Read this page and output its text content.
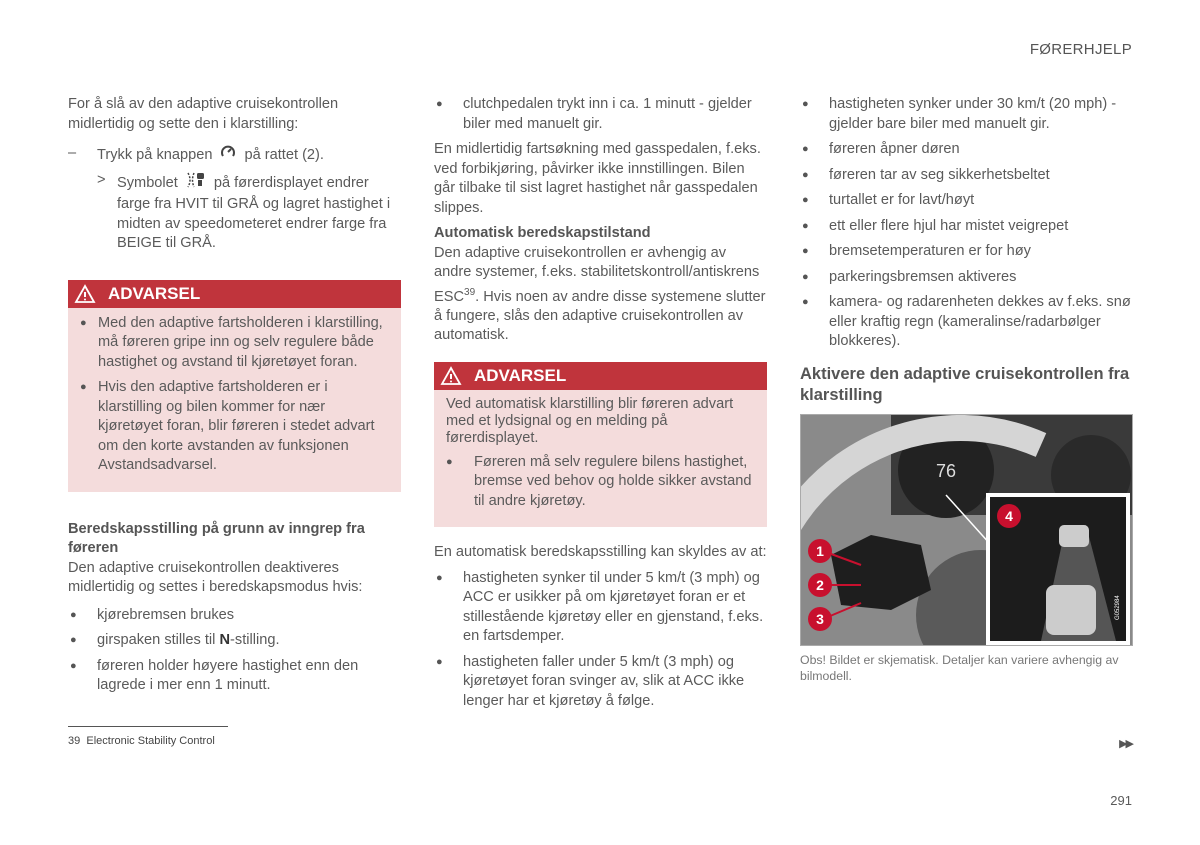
FØRERHJELP

For å slå av den adaptive cruisekontrollen midlertidig og sette den i klarstilling:

– Trykk på knappen på rattet (2).
> Symbolet på førerdisplayet endrer farge fra HVIT til GRÅ og lagret hastighet i midten av speedometeret endrer farge fra BEIGE til GRÅ.
ADVARSEL
● Med den adaptive fartsholderen i klarstilling, må føreren gripe inn og selv regulere både hastighet og avstand til kjøretøyet foran.
● Hvis den adaptive fartsholderen er i klarstilling og bilen kommer for nær kjøretøyet foran, blir føreren i stedet advart om den korte avstanden av funksjonen Avstandsadvarsel.

Beredskapsstilling på grunn av inngrep fra føreren

Den adaptive cruisekontrollen deaktiveres midlertidig og settes i beredskapsmodus hvis:

● kjørebremsen brukes
● girspaken stilles til N-stilling.
● føreren holder høyere hastighet enn den lagrede i mer enn 1 minutt.
● clutchpedalen trykt inn i ca. 1 minutt - gjelder biler med manuelt gir.

En midlertidig fartsøkning med gasspedalen, f.eks. ved forbikjøring, påvirker ikke innstillingen. Bilen går tilbake til sist lagret hastighet når gasspedalen slippes.

Automatisk beredskapstilstand

Den adaptive cruisekontrollen er avhengig av andre systemer, f.eks. stabilitetskontroll/antiskrens ESC$^{39}$. Hvis noen av andre disse systemene slutter å fungere, slås den adaptive cruisekontrollen av automatisk.

ADVARSEL

Ved automatisk klarstilling blir føreren advart med et lydsignal og en melding på førerdisplayet.

● Føreren må selv regulere bilens hastighet, bremse ved behov og holde sikker avstand til andre kjøretøy.

En automatisk beredskapsstilling kan skyldes av at:

● hastigheten synker til under 5 km/t (3 mph) og ACC er usikker på om kjøretøyet foran er et stillestående kjøretøy eller en gjenstand, f.eks. en fartsdemper.
● hastigheten faller under 5 km/t (3 mph) og kjøretøyet foran svinger av, slik at ACC ikke lenger har et kjøretøy å følge.
● hastigheten synker under 30 km/t (20 mph) - gjelder bare biler med manuelt gir.
● føreren åpner døren
● føreren tar av seg sikkerhetsbeltet
● turtallet er for lavt/høyt
● ett eller flere hjul har mistet veigrepet
● bremsetemperaturen er for høy
● parkeringsbremsen aktiveres
● kamera- og radarenheten dekkes av f.eks. snø eller kraftig regn (kameralinse/radarbølger blokkeres).
Aktivere den adaptive cruisekontrollen fra klarstilling
76
G052984
1
2
3
4
Obs! Bildet er skjematisk. Detaljer kan variere avhengig av bilmodell.
39 Electronic Stability Control	▶▶
291
